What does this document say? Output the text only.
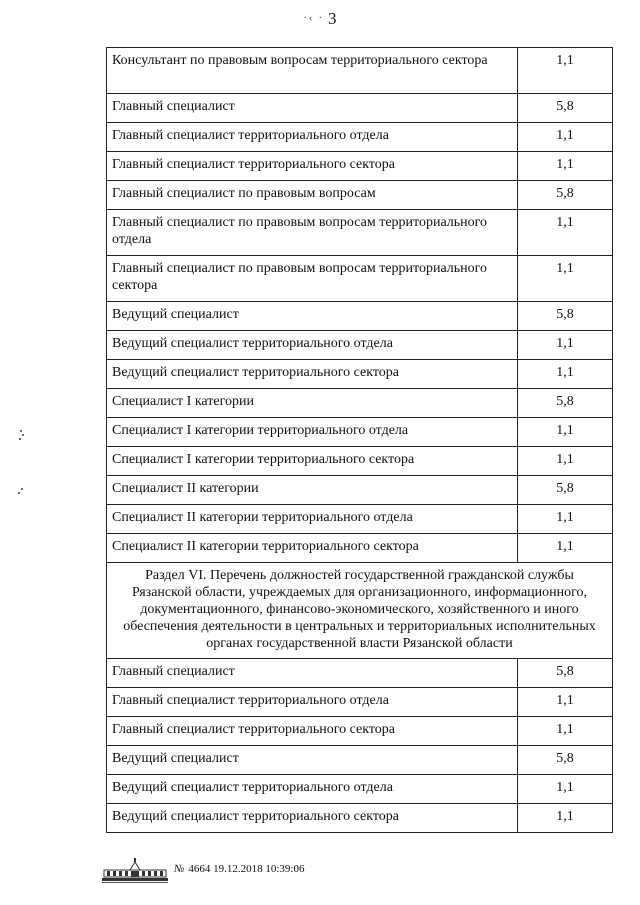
·‹ · 3
Консультант по правовым вопросам территориального сектора	1,1
Главный специалист	5,8
Главный специалист территориального отдела	1,1
Главный специалист территориального сектора	1,1
Главный специалист по правовым вопросам	5,8
Главный специалист по правовым вопросам территориального отдела	1,1
Главный специалист по правовым вопросам территориального сектора	1,1
Ведущий специалист	5,8
Ведущий специалист территориального отдела	1,1
Ведущий специалист территориального сектора	1,1
Специалист I категории	5,8
Специалист I категории территориального отдела	1,1
Специалист I категории территориального сектора	1,1
Специалист II категории	5,8
Специалист II категории территориального отдела	1,1
Специалист II категории территориального сектора	1,1
Раздел VI. Перечень должностей государственной гражданской службы Рязанской области, учреждаемых для организационного, информационного, документационного, финансово-экономического, хозяйственного и иного обеспечения деятельности в центральных и территориальных исполнительных органах государственной власти Рязанской области	
Главный специалист	5,8
Главный специалист территориального отдела	1,1
Главный специалист территориального сектора	1,1
Ведущий специалист	5,8
Ведущий специалист территориального отдела	1,1
Ведущий специалист территориального сектора	1,1
№ 4664 19.12.2018 10:39:06
